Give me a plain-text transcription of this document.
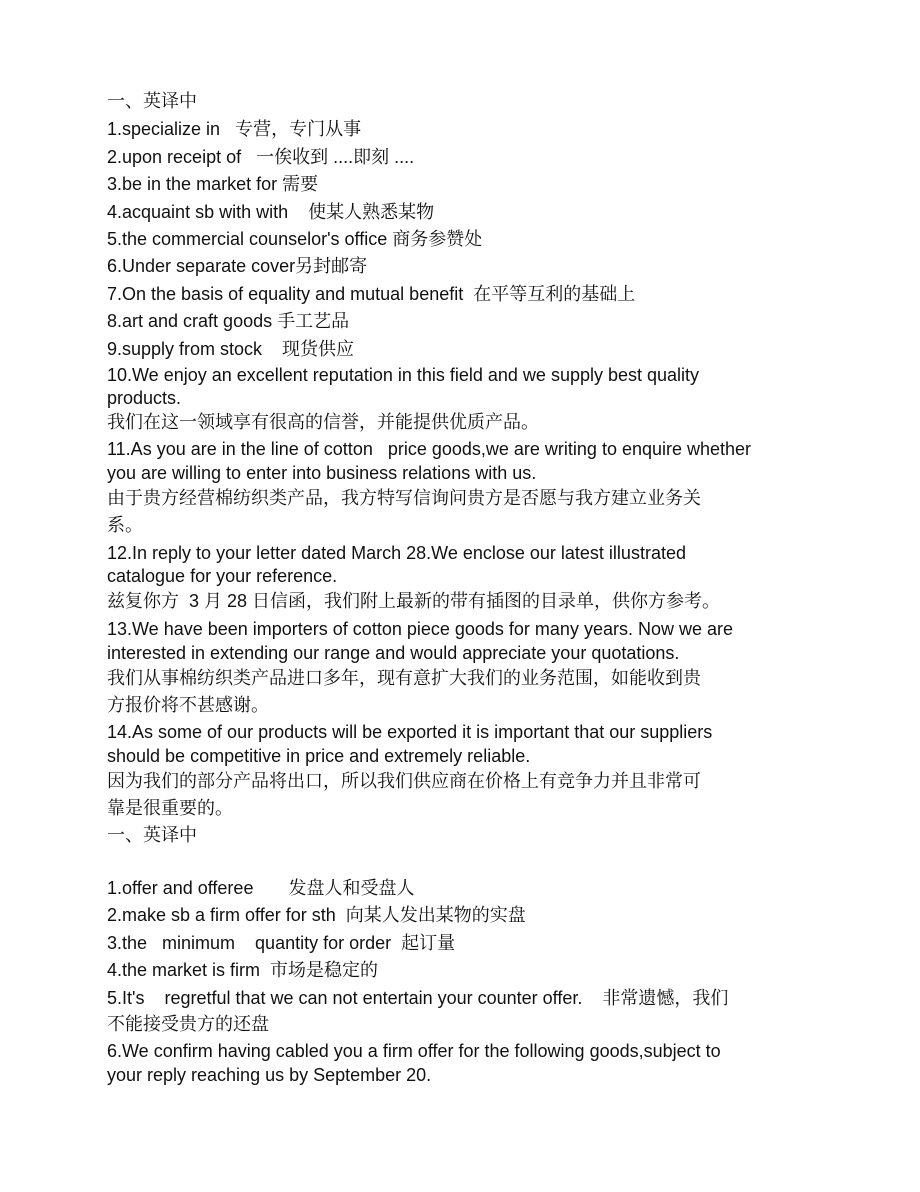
一、英译中
1.specialize in   专营，专门从事
2.upon receipt of   一俟收到 ....即刻 ....
3.be in the market for 需要
4.acquaint sb with with    使某人熟悉某物
5.the commercial counselor's office 商务参赞处
6.Under separate cover另封邮寄
7.On the basis of equality and mutual benefit  在平等互利的基础上
8.art and craft goods 手工艺品
9.supply from stock    现货供应
10.We enjoy an excellent reputation in this field and we supply best quality
products.
我们在这一领域享有很高的信誉，并能提供优质产品。
11.As you are in the line of cotton   price goods,we are writing to enquire whether
you are willing to enter into business relations with us.
由于贵方经营棉纺织类产品，我方特写信询问贵方是否愿与我方建立业务关
系。
12.In reply to your letter dated March 28.We enclose our latest illustrated
catalogue for your reference.
兹复你方  3 月 28 日信函，我们附上最新的带有插图的目录单，供你方参考。
13.We have been importers of cotton piece goods for many years. Now we are
interested in extending our range and would appreciate your quotations.
我们从事棉纺织类产品进口多年，现有意扩大我们的业务范围，如能收到贵
方报价将不甚感谢。
14.As some of our products will be exported it is important that our suppliers
should be competitive in price and extremely reliable.
因为我们的部分产品将出口，所以我们供应商在价格上有竞争力并且非常可
靠是很重要的。
一、英译中
1.offer and offeree       发盘人和受盘人
2.make sb a firm offer for sth  向某人发出某物的实盘
3.the   minimum    quantity for order  起订量
4.the market is firm  市场是稳定的
5.It's    regretful that we can not entertain your counter offer.    非常遗憾，我们
不能接受贵方的还盘
6.We confirm having cabled you a firm offer for the following goods,subject to
your reply reaching us by September 20.
